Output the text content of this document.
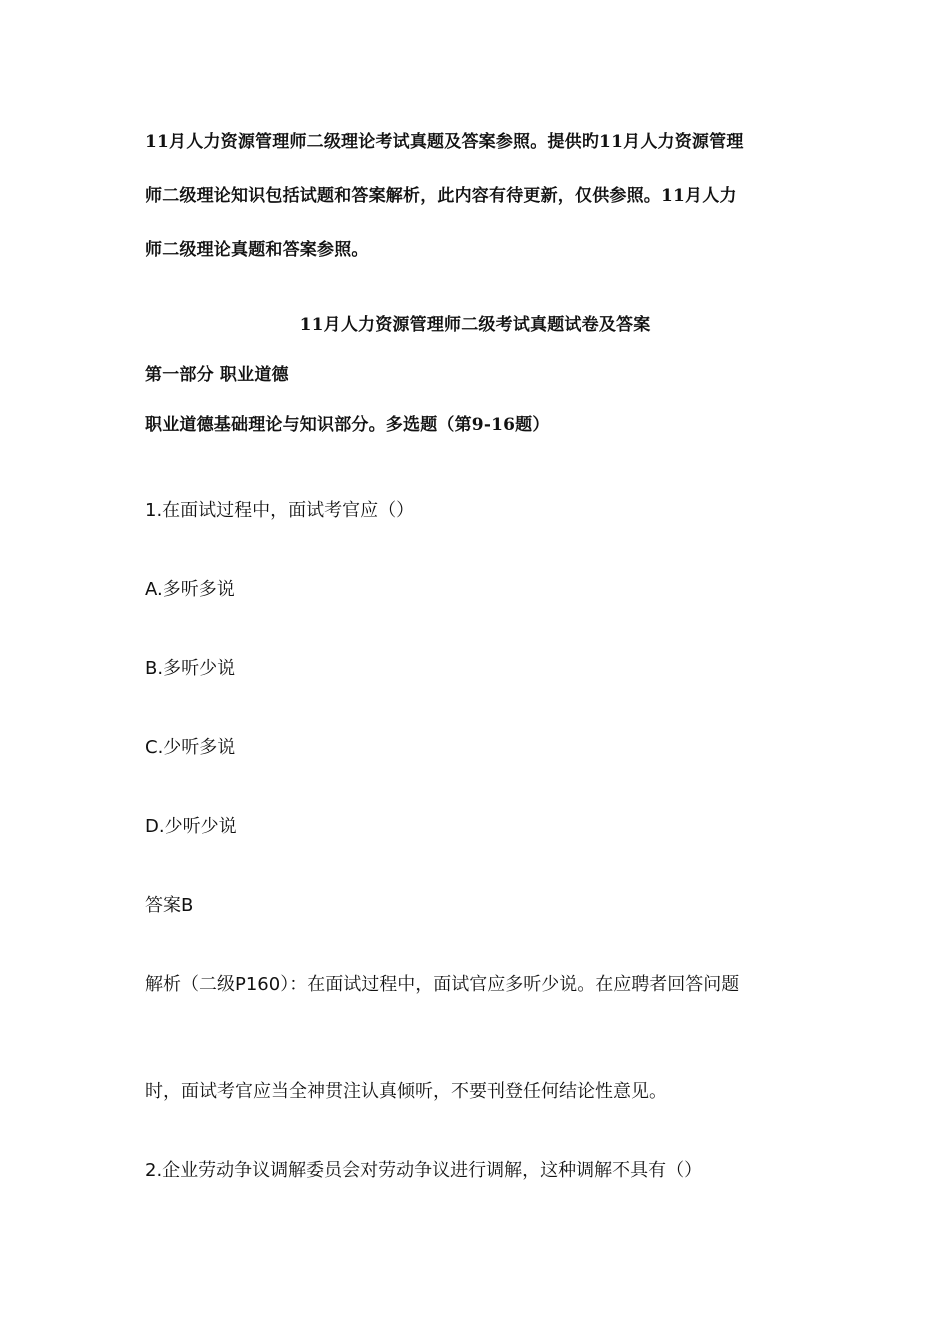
11月人力资源管理师二级理论考试真题及答案参照。提供旳11月人力资源管理

师二级理论知识包括试题和答案解析，此内容有待更新，仅供参照。11月人力

师二级理论真题和答案参照。

11月人力资源管理师二级考试真题试卷及答案

第一部分 职业道德

职业道德基础理论与知识部分。多选题（第9-16题）

1.在面试过程中，面试考官应（）

A.多听多说

B.多听少说

C.少听多说

D.少听少说

答案B

解析（二级P160）：在面试过程中，面试官应多听少说。在应聘者回答问题

时，面试考官应当全神贯注认真倾听，不要刊登任何结论性意见。

2.企业劳动争议调解委员会对劳动争议进行调解，这种调解不具有（）
